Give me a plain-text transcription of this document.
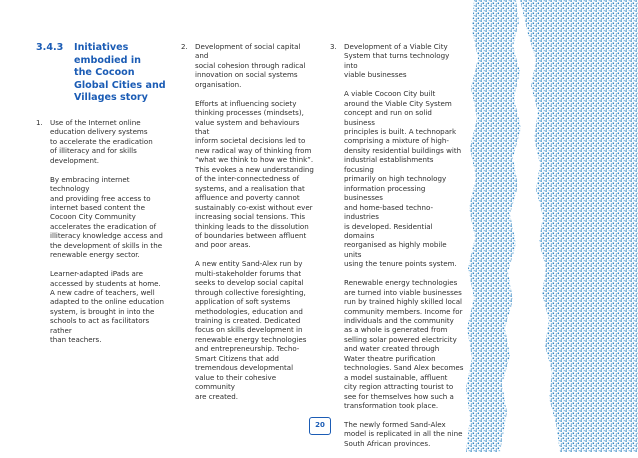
3.4.3	Initiatives
embodied in
the Cocoon
Global Cities and
Villages story
1.	Use of the Internet online
education delivery systems
to accelerate the eradication
of illiteracy and for skills
development.

By embracing internet technology
and providing free access to
internet based content the
Cocoon City Community
accelerates the eradication of
illiteracy knowledge access and
the development of skills in the
renewable energy sector.

Learner-adapted iPads are
accessed by students at home.
A new cadre of teachers, well
adapted to the online education
system, is brought in into the
schools to act as facilitators rather
than teachers.

2.	Development of social capital and
social cohesion through radical
innovation on social systems
organisation.

Efforts at influencing society
thinking processes (mindsets),
value system and behaviours that
inform societal decisions led to
new radical way of thinking from
“what we think to how we think”.
This evokes a new understanding
of the inter-connectedness of
systems, and a realisation that
affluence and poverty cannot
sustainably co-exist without ever
increasing social tensions. This
thinking leads to the dissolution
of boundaries between affluent
and poor areas.

A new entity Sand-Alex run by
multi-stakeholder forums that
seeks to develop social capital
through collective foresighting,
application of soft systems
methodologies, education and
training is created. Dedicated
focus on skills development in
renewable energy technologies
and entrepreneurship. Techo-
Smart Citizens that add
tremendous developmental
value to their cohesive community
are created.

3.	Development of a Viable City
System that turns technology into
viable businesses

A viable Cocoon City built
around the Viable City System
concept and run on solid business
principles is built. A technopark
comprising a mixture of high-
density residential buildings with
industrial establishments focusing
primarily on high technology
information processing businesses
and home-based techno-industries
is developed. Residential domains
reorganised as highly mobile units
using the tenure points system.

Renewable energy technologies
are turned into viable businesses
run by trained highly skilled local
community members. Income for
individuals and the community
as a whole is generated from
selling solar powered electricity
and water created through
Water theatre purification
technologies. Sand Alex becomes
a model sustainable, affluent
city region attracting tourist to
see for themselves how such a
transformation took place.

The newly formed Sand-Alex
model is replicated in all the nine
South African provinces.

20
